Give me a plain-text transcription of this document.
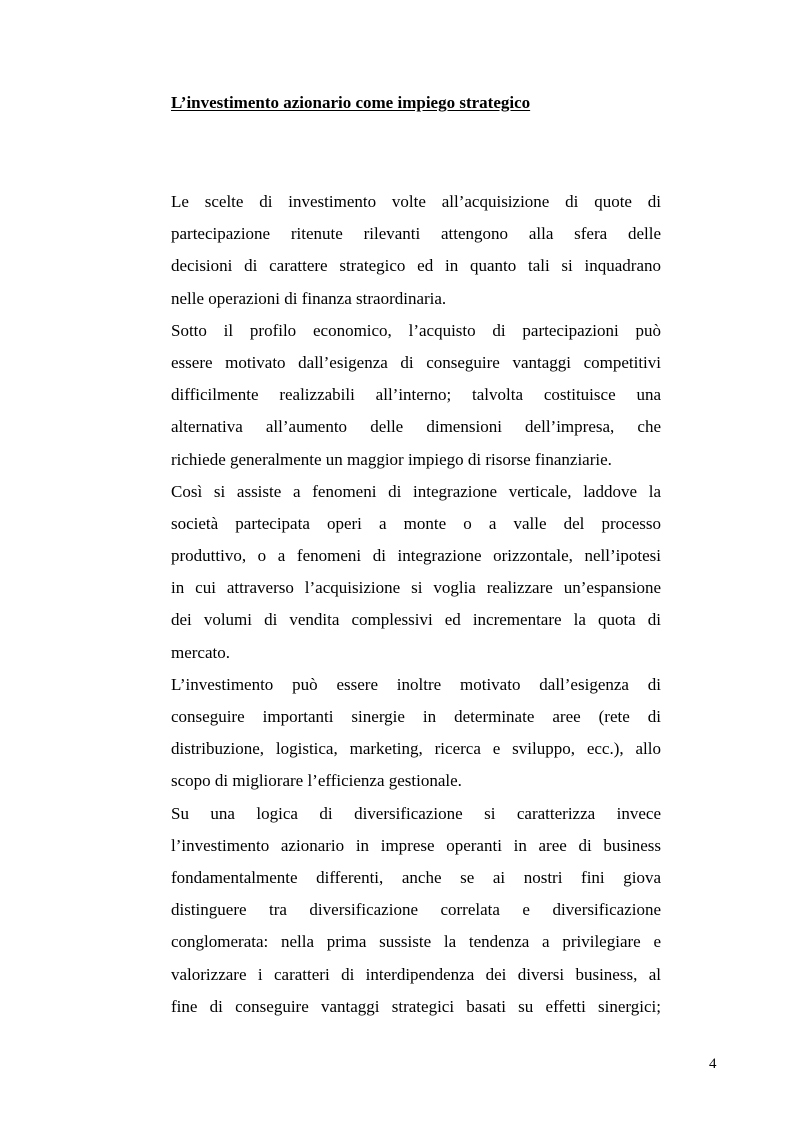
L’investimento azionario come impiego strategico
Le scelte di investimento volte all’acquisizione di quote di
partecipazione ritenute rilevanti attengono alla sfera delle
decisioni di carattere strategico ed in quanto tali si inquadrano
nelle operazioni di finanza straordinaria.
Sotto il profilo economico, l’acquisto di partecipazioni può
essere motivato dall’esigenza di conseguire vantaggi competitivi
difficilmente realizzabili all’interno; talvolta costituisce una
alternativa all’aumento delle dimensioni dell’impresa, che
richiede generalmente un maggior impiego di risorse finanziarie.
Così si assiste a fenomeni di integrazione verticale, laddove la
società partecipata operi a monte o a valle del processo
produttivo, o a fenomeni di integrazione orizzontale, nell’ipotesi
in cui attraverso l’acquisizione si voglia realizzare un’espansione
dei volumi di vendita complessivi ed incrementare la quota di
mercato.
L’investimento può essere inoltre motivato dall’esigenza di
conseguire importanti sinergie in determinate aree (rete di
distribuzione, logistica, marketing, ricerca e sviluppo, ecc.), allo
scopo di migliorare l’efficienza gestionale.
Su una logica di diversificazione si caratterizza invece
l’investimento azionario in imprese operanti in aree di business
fondamentalmente differenti, anche se ai nostri fini giova
distinguere tra diversificazione correlata e diversificazione
conglomerata: nella prima sussiste la tendenza a privilegiare e
valorizzare i caratteri di interdipendenza dei diversi business, al
fine di conseguire vantaggi strategici basati su effetti sinergici;
4
